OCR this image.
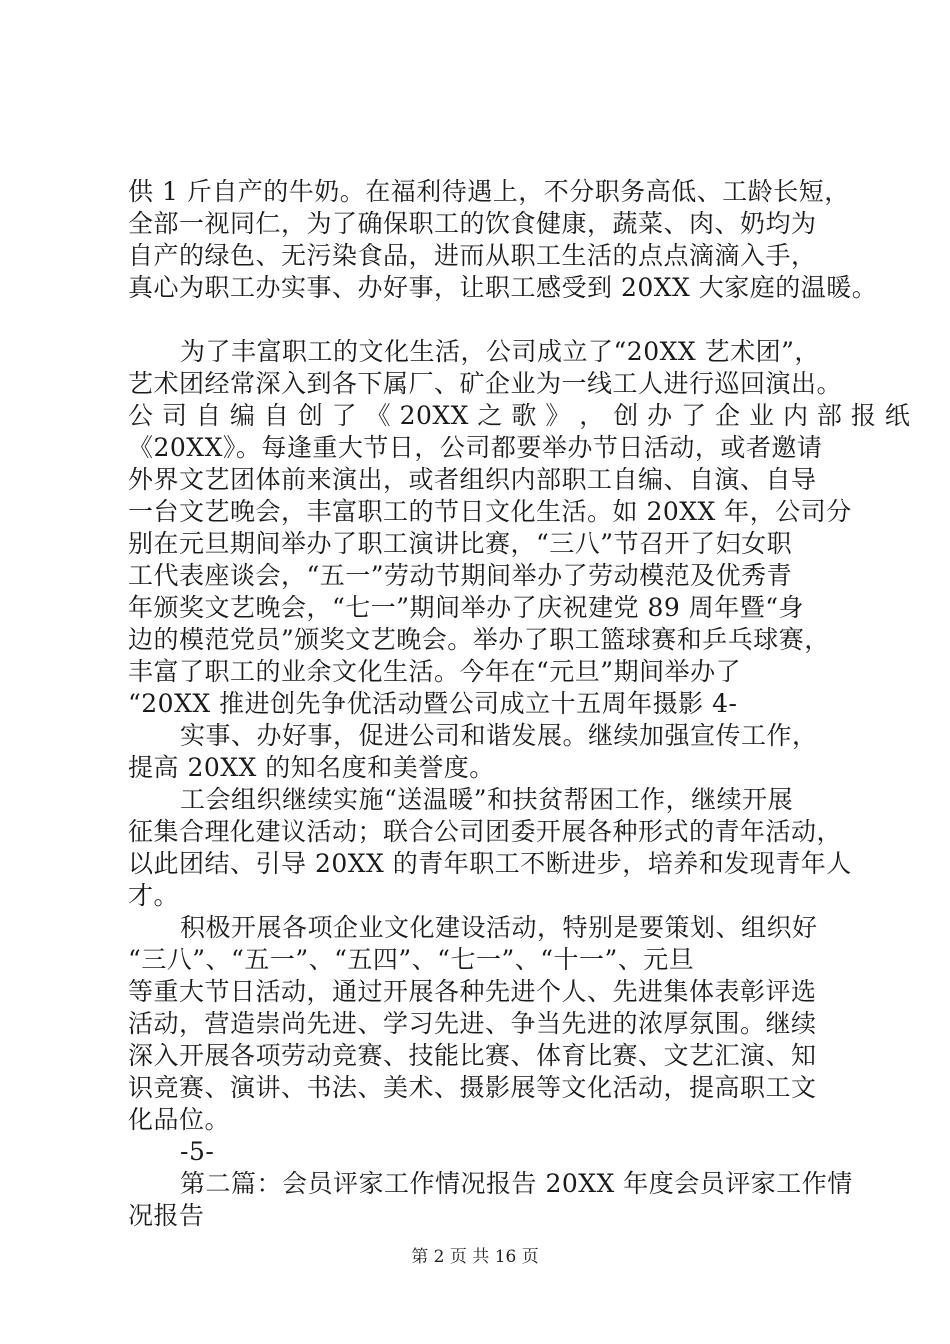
供 1 斤自产的牛奶。在福利待遇上，不分职务高低、工龄长短，
全部一视同仁，为了确保职工的饮食健康，蔬菜、肉、奶均为
自产的绿色、无污染食品，进而从职工生活的点点滴滴入手，
真心为职工办实事、办好事，让职工感受到 20XX 大家庭的温暖。
为了丰富职工的文化生活，公司成立了“20XX 艺术团”，
艺术团经常深入到各下属厂、矿企业为一线工人进行巡回演出。
公 司 自 编 自 创 了 《 20XX 之 歌 》 ， 创 办 了 企 业 内 部 报 纸
《20XX》。每逢重大节日，公司都要举办节日活动，或者邀请
外界文艺团体前来演出，或者组织内部职工自编、自演、自导
一台文艺晚会，丰富职工的节日文化生活。如 20XX 年，公司分
别在元旦期间举办了职工演讲比赛，“三八”节召开了妇女职
工代表座谈会，“五一”劳动节期间举办了劳动模范及优秀青
年颁奖文艺晚会，“七一”期间举办了庆祝建党 89 周年暨“身
边的模范党员”颁奖文艺晚会。举办了职工篮球赛和乒乓球赛，
丰富了职工的业余文化生活。今年在“元旦”期间举办了
“20XX 推进创先争优活动暨公司成立十五周年摄影 4-
实事、办好事，促进公司和谐发展。继续加强宣传工作，
提高 20XX 的知名度和美誉度。
工会组织继续实施“送温暖”和扶贫帮困工作，继续开展
征集合理化建议活动；联合公司团委开展各种形式的青年活动，
以此团结、引导 20XX 的青年职工不断进步，培养和发现青年人
才。
积极开展各项企业文化建设活动，特别是要策划、组织好
“三八”、“五一”、“五四”、“七一”、“十一”、元旦
等重大节日活动，通过开展各种先进个人、先进集体表彰评选
活动，营造崇尚先进、学习先进、争当先进的浓厚氛围。继续
深入开展各项劳动竞赛、技能比赛、体育比赛、文艺汇演、知
识竞赛、演讲、书法、美术、摄影展等文化活动，提高职工文
化品位。
-5-
第二篇：会员评家工作情况报告 20XX 年度会员评家工作情
况报告
第 2 页 共 16 页
